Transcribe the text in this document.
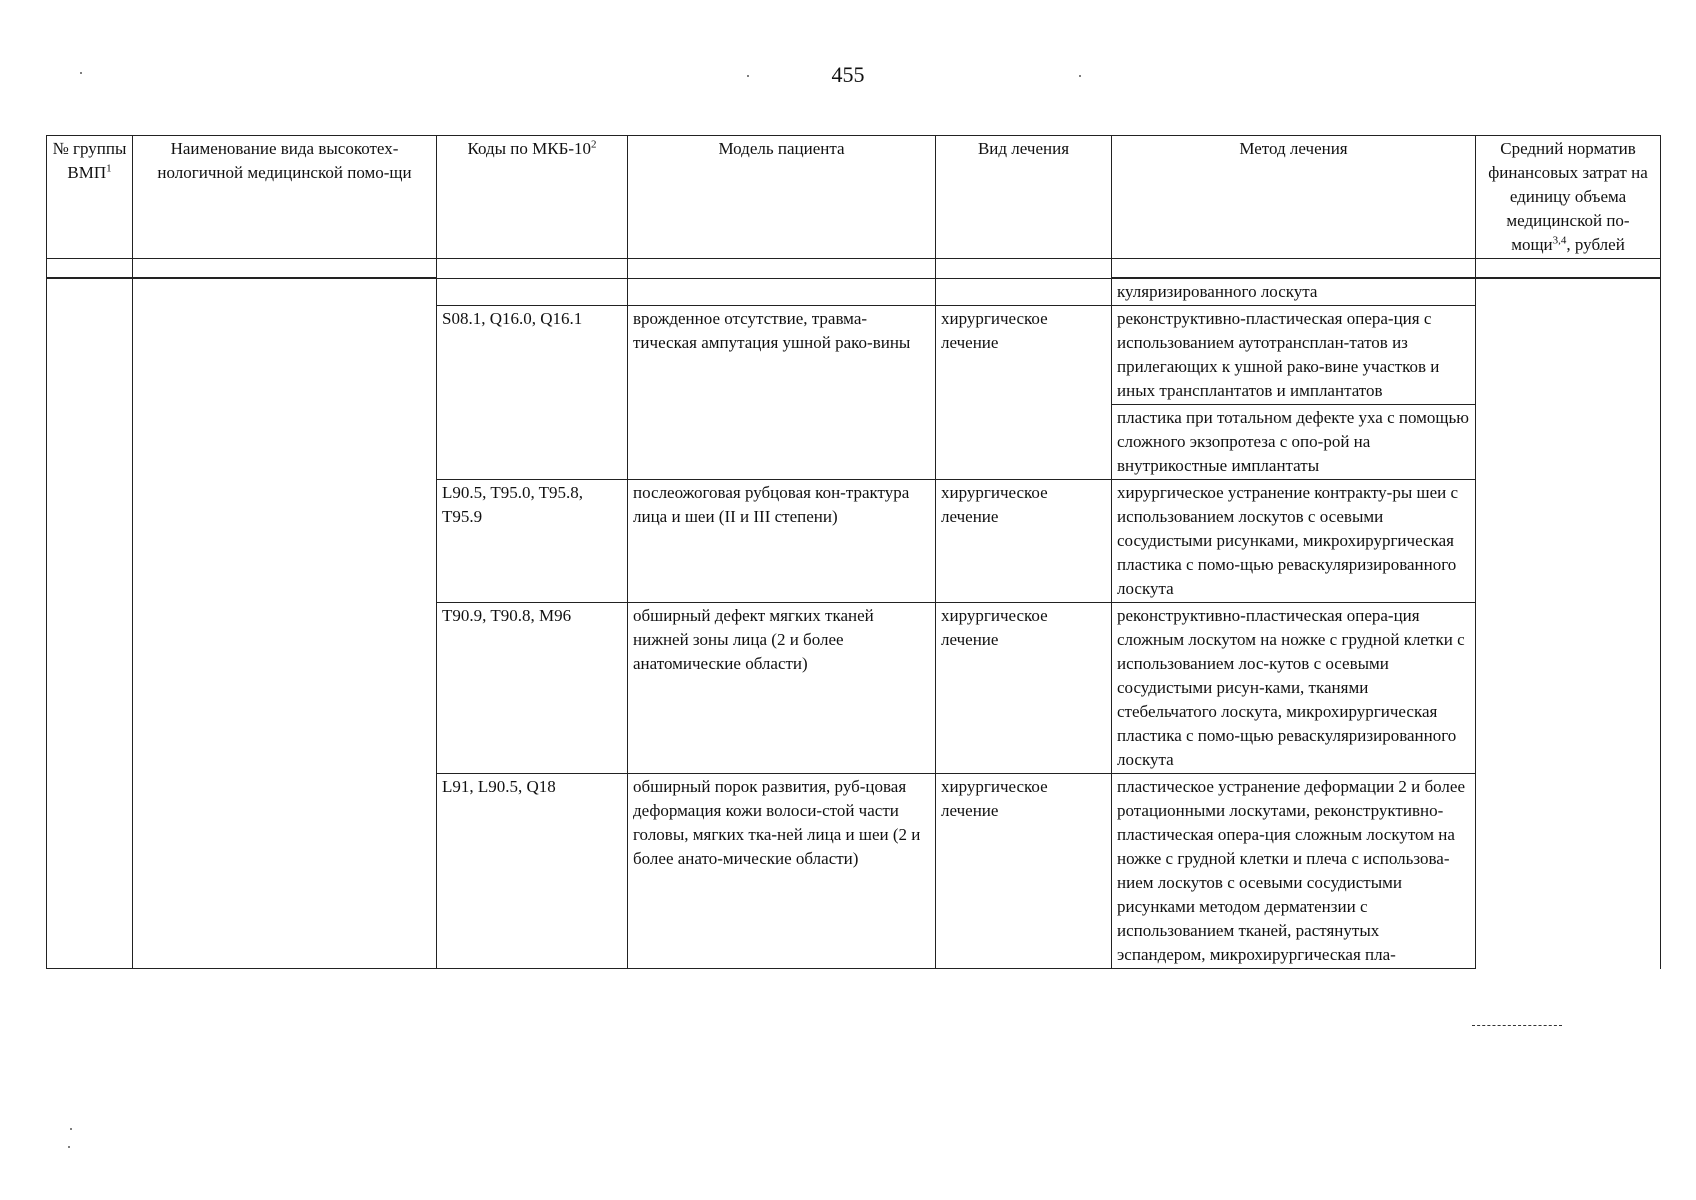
455
№ группы ВМП$^1$	Наименование вида высокотех-нологичной медицинской помо-щи	Коды по МКБ-$10^2$	Модель пациента	Вид лечения	Метод лечения	Средний норматив финансовых затрат на единицу объема медицинской по-мощи$^{3,4}$, рублей

					куляризированного лоскута	
		S08.1, Q16.0, Q16.1	врожденное отсутствие, травма-тическая ампутация ушной рако-вины	хирургическое лечение	реконструктивно-пластическая опера-ция с использованием аутотрансплан-татов из прилегающих к ушной рако-вине участков и иных трансплантатов и имплантатов	
					пластика при тотальном дефекте уха с помощью сложного экзопротеза с опо-рой на внутрикостные имплантаты	
		L90.5, T95.0, T95.8, T95.9	послеожоговая рубцовая кон-трактура лица и шеи (II и III степени)	хирургическое лечение	хирургическое устранение контракту-ры шеи с использованием лоскутов с осевыми сосудистыми рисунками, микрохирургическая пластика с помо-щью реваскуляризированного лоскута	
		T90.9, T90.8, M96	обширный дефект мягких тканей нижней зоны лица (2 и более анатомические области)	хирургическое лечение	реконструктивно-пластическая опера-ция сложным лоскутом на ножке с грудной клетки с использованием лос-кутов с осевыми сосудистыми рисун-ками, тканями стебельчатого лоскута, микрохирургическая пластика с помо-щью реваскуляризированного лоскута	
		L91, L90.5, Q18	обширный порок развития, руб-цовая деформация кожи волоси-стой части головы, мягких тка-ней лица и шеи (2 и более анато-мические области)	хирургическое лечение	пластическое устранение деформации 2 и более ротационными лоскутами, реконструктивно-пластическая опера-ция сложным лоскутом на ножке с грудной клетки и плеча с использова-нием лоскутов с осевыми сосудистыми рисунками методом дерматензии с использованием тканей, растянутых эспандером, микрохирургическая пла-	
